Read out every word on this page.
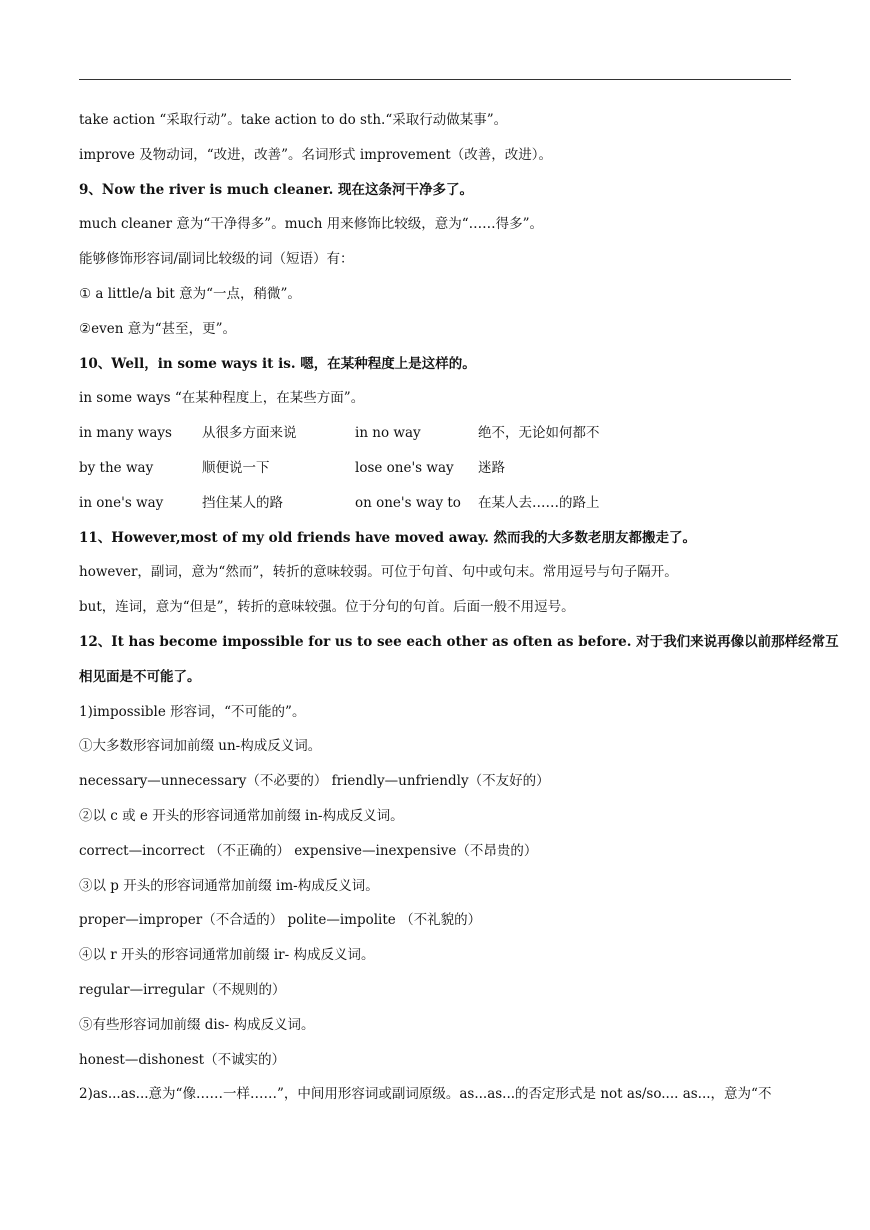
take action “采取行动”。take action to do sth.“采取行动做某事”。
improve 及物动词，“改进，改善”。名词形式 improvement（改善，改进）。
9、Now the river is much cleaner. 现在这条河干净多了。
much cleaner 意为“干净得多”。much 用来修饰比较级，意为“……得多”。
能够修饰形容词/副词比较级的词（短语）有：
① a little/a bit 意为“一点，稍微”。
②even 意为“甚至，更”。
10、Well，in some ways it is. 嗯，在某种程度上是这样的。
in some ways “在某种程度上，在某些方面”。
in many ways	从很多方面来说	in no way	绝不，无论如何都不
by the way	顺便说一下	lose one's way	迷路
in one's way	挡住某人的路	on one's way to	在某人去……的路上
11、However,most of my old friends have moved away. 然而我的大多数老朋友都搬走了。
however，副词，意为“然而”，转折的意味较弱。可位于句首、句中或句末。常用逗号与句子隔开。
but，连词，意为“但是”，转折的意味较强。位于分句的句首。后面一般不用逗号。
12、It has become impossible for us to see each other as often as before. 对于我们来说再像以前那样经常互
相见面是不可能了。
1)impossible 形容词，“不可能的”。
①大多数形容词加前缀 un-构成反义词。
necessary—unnecessary（不必要的） friendly—unfriendly（不友好的）
②以 c 或 e 开头的形容词通常加前缀 in-构成反义词。
correct—incorrect （不正确的） expensive—inexpensive（不昂贵的）
③以 p 开头的形容词通常加前缀 im-构成反义词。
proper—improper（不合适的） polite—impolite （不礼貌的）
④以 r 开头的形容词通常加前缀 ir- 构成反义词。
regular—irregular（不规则的）
⑤有些形容词加前缀 dis- 构成反义词。
honest—dishonest（不诚实的）
2)as...as...意为“像……一样……”，中间用形容词或副词原级。as...as...的否定形式是 not as/so.... as...，意为“不
